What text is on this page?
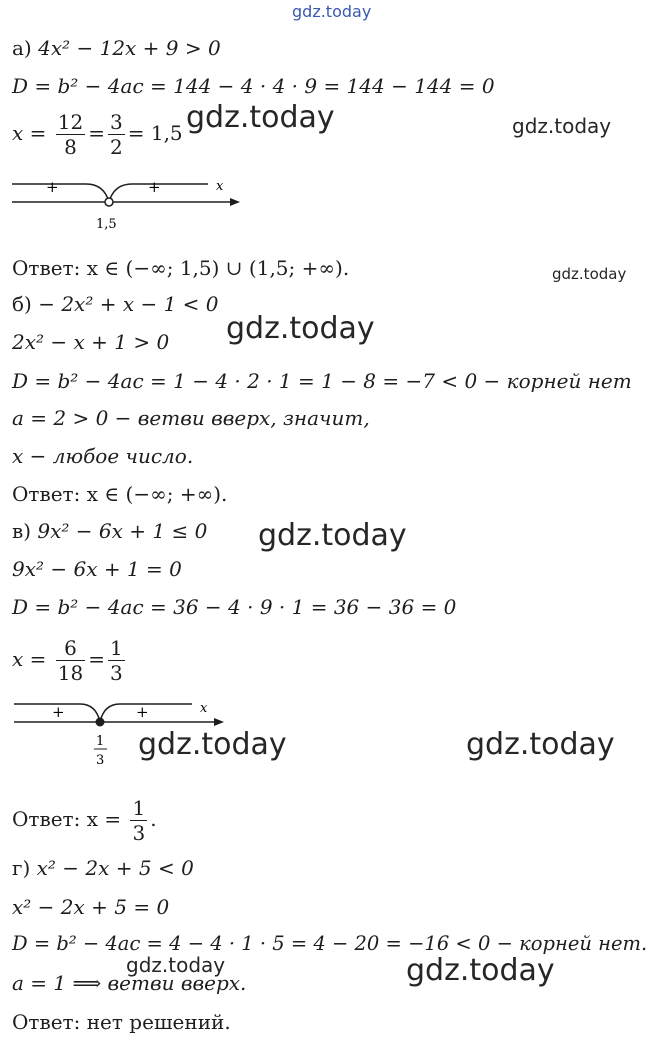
gdz.today
gdz.today	gdz.today
gdz.today
gdz.today
gdz.today
gdz.today	gdz.today
gdz.today	gdz.today
а) 4x² − 12x + 9 > 0
D = b² − 4ac = 144 − 4 · 4 · 9 = 144 − 144 = 0
$x = \frac{12}{8} = \frac{3}{2} = 1,5$
+	+	x
1,5
Ответ: x ∈ (−∞; 1,5) ∪ (1,5; +∞).
б) − 2x² + x − 1 < 0
2x² − x + 1 > 0
D = b² − 4ac = 1 − 4 · 2 · 1 = 1 − 8 = −7 < 0 − корней нет
a = 2 > 0 − ветви вверх, значит,
x − любое число.
Ответ: x ∈ (−∞; +∞).
в) 9x² − 6x + 1 ≤ 0
9x² − 6x + 1 = 0
D = b² − 4ac = 36 − 4 · 9 · 1 = 36 − 36 = 0
$x = \frac{6}{18} = \frac{1}{3}$
+	+	x
1
3
Ответ: $x = \frac{1}{3}$ .
г) x² − 2x + 5 < 0
x² − 2x + 5 = 0
D = b² − 4ac = 4 − 4 · 1 · 5 = 4 − 20 = −16 < 0 − корней нет.
a = 1 ⟹ ветви вверх.
Ответ: нет решений.
